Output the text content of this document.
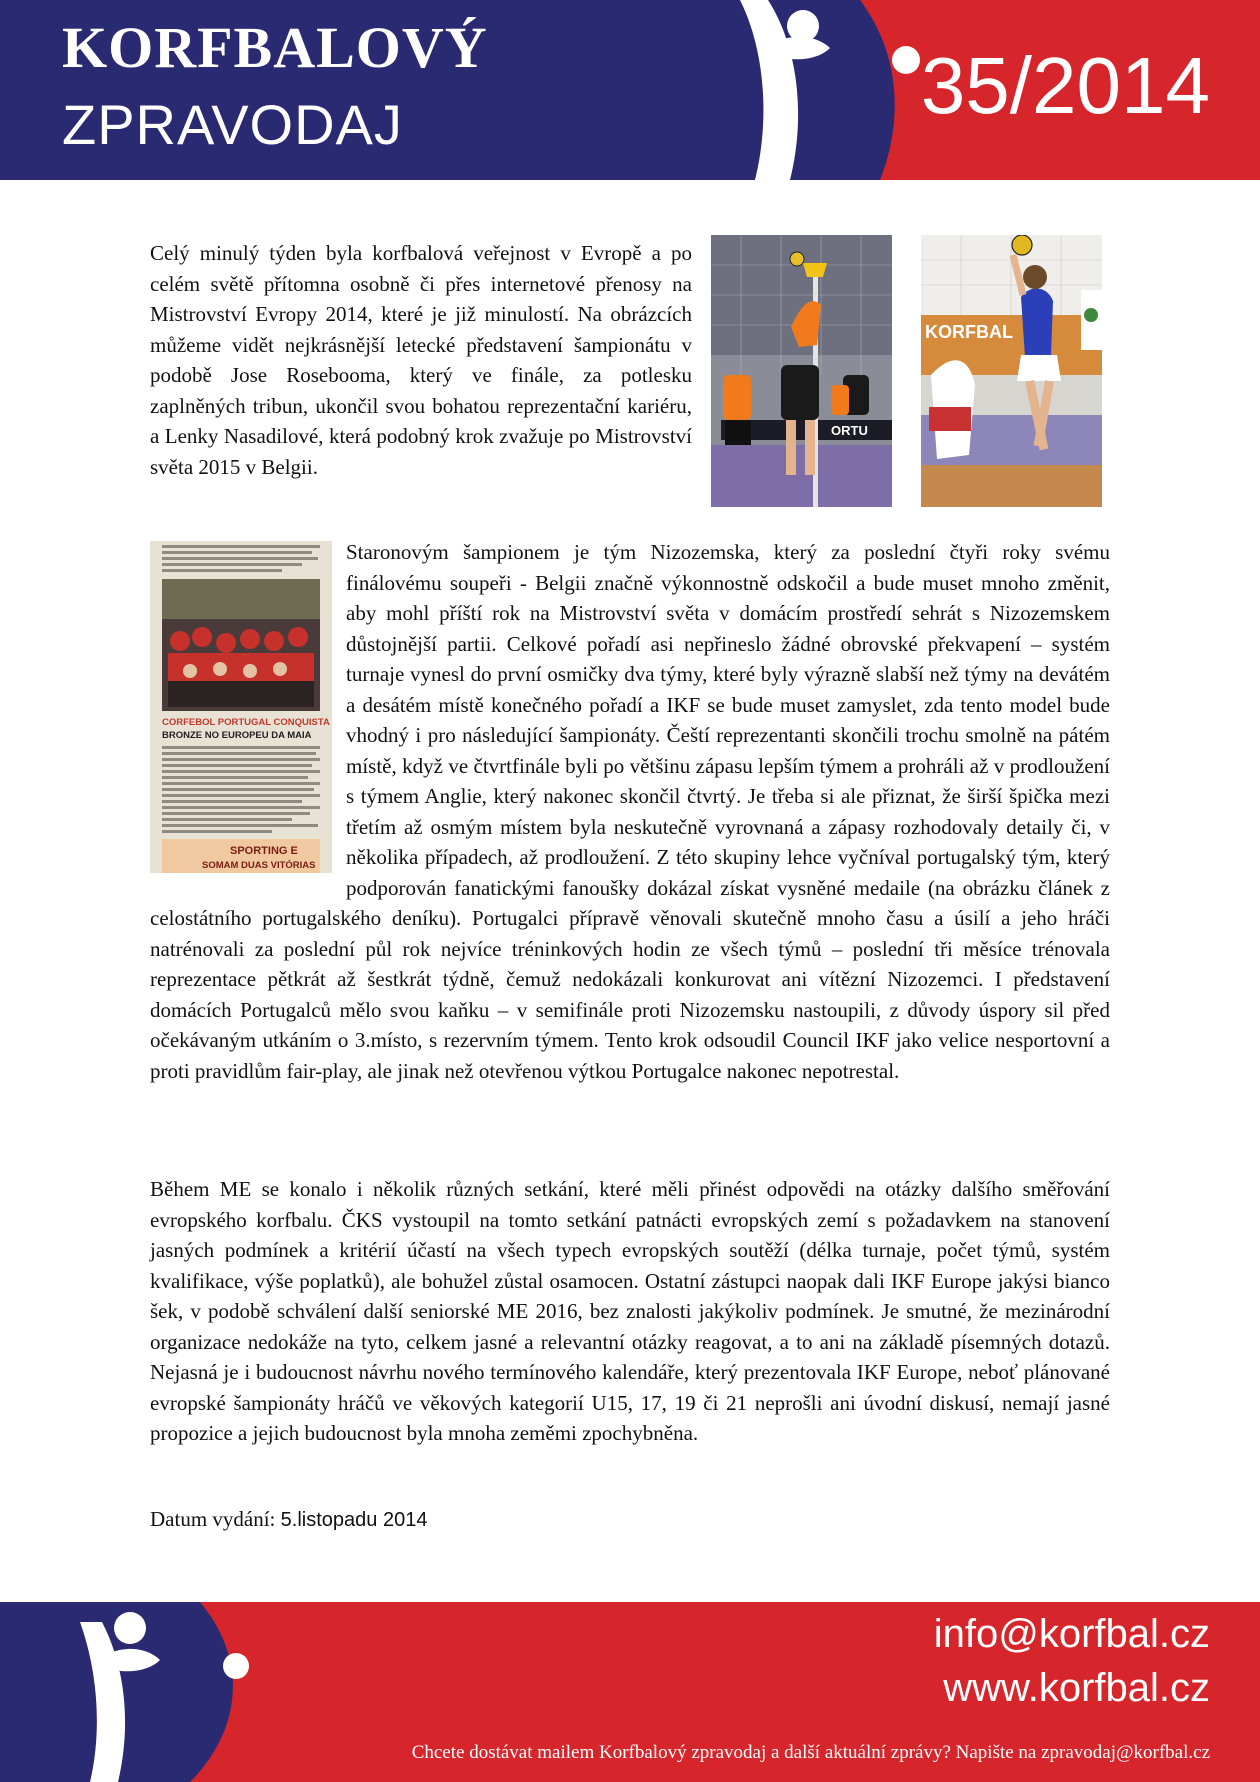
KORFBALOVÝ
ZPRAVODAJ	35/2014
Celý minulý týden byla korfbalová veřejnost v Evropě a po celém světě přítomna osobně či přes internetové přenosy na Mistrovství Evropy 2014, které je již minulostí. Na obrázcích můžeme vidět nejkrásnější letecké představení šampionátu v podobě Jose Rosebooma, který ve finále, za potlesku zaplněných tribun, ukončil svou bohatou reprezentační kariéru, a Lenky Nasadilové, která podobný krok zvažuje po Mistrovství světa 2015 v Belgii.
ORTU
KORFBAL
CORFEBOL PORTUGAL CONQUISTA
BRONZE NO EUROPEU DA MAIA
SPORTING E
SOMAM DUAS VITÓRIAS
Staronovým šampionem je tým Nizozemska, který za poslední čtyři roky svému finálovému soupeři - Belgii značně výkonnostně odskočil a bude muset mnoho změnit, aby mohl příští rok na Mistrovství světa v domácím prostředí sehrát s Nizozemskem důstojnější partii. Celkové pořadí asi nepřineslo žádné obrovské překvapení – systém turnaje vynesl do první osmičky dva týmy, které byly výrazně slabší než týmy na devátém a desátém místě konečného pořadí a IKF se bude muset zamyslet, zda tento model bude vhodný i pro následující šampionáty. Čeští reprezentanti skončili trochu smolně na pátém místě, když ve čtvrtfinále byli po většinu zápasu lepším týmem a prohráli až v prodloužení s týmem Anglie, který nakonec skončil čtvrtý. Je třeba si ale přiznat, že širší špička mezi třetím až osmým místem byla neskutečně vyrovnaná a zápasy rozhodovaly detaily či, v několika případech, až prodloužení. Z této skupiny lehce vyčníval portugalský tým, který podporován fanatickými fanoušky dokázal získat vysněné medaile (na obrázku článek z celostátního portugalského deníku). Portugalci přípravě věnovali skutečně mnoho času a úsilí a jeho hráči natrénovali za poslední půl rok nejvíce tréninkových hodin ze všech týmů – poslední tři měsíce trénovala reprezentace pětkrát až šestkrát týdně, čemuž nedokázali konkurovat ani vítězní Nizozemci. I představení domácích Portugalců mělo svou kaňku – v semifinále proti Nizozemsku nastoupili, z důvody úspory sil před očekávaným utkáním o 3.místo, s rezervním týmem. Tento krok odsoudil Council IKF jako velice nesportovní a proti pravidlům fair-play, ale jinak než otevřenou výtkou Portugalce nakonec nepotrestal.
Během ME se konalo i několik různých setkání, které měli přinést odpovědi na otázky dalšího směřování evropského korfbalu. ČKS vystoupil na tomto setkání patnácti evropských zemí s požadavkem na stanovení jasných podmínek a kritérií účastí na všech typech evropských soutěží (délka turnaje, počet týmů, systém kvalifikace, výše poplatků), ale bohužel zůstal osamocen. Ostatní zástupci naopak dali IKF Europe jakýsi bianco šek, v podobě schválení další seniorské ME 2016, bez znalosti jakýkoliv podmínek. Je smutné, že mezinárodní organizace nedokáže na tyto, celkem jasné a relevantní otázky reagovat, a to ani na základě písemných dotazů. Nejasná je i budoucnost návrhu nového termínového kalendáře, který prezentovala IKF Europe, neboť plánované evropské šampionáty hráčů ve věkových kategorií U15, 17, 19 či 21 neprošli ani úvodní diskusí, nemají jasné propozice a jejich budoucnost byla mnoha zeměmi zpochybněna.
Datum vydání: 5.listopadu 2014
info@korfbal.cz
www.korfbal.cz
Chcete dostávat mailem Korfbalový zpravodaj a další aktuální zprávy? Napište na zpravodaj@korfbal.cz
